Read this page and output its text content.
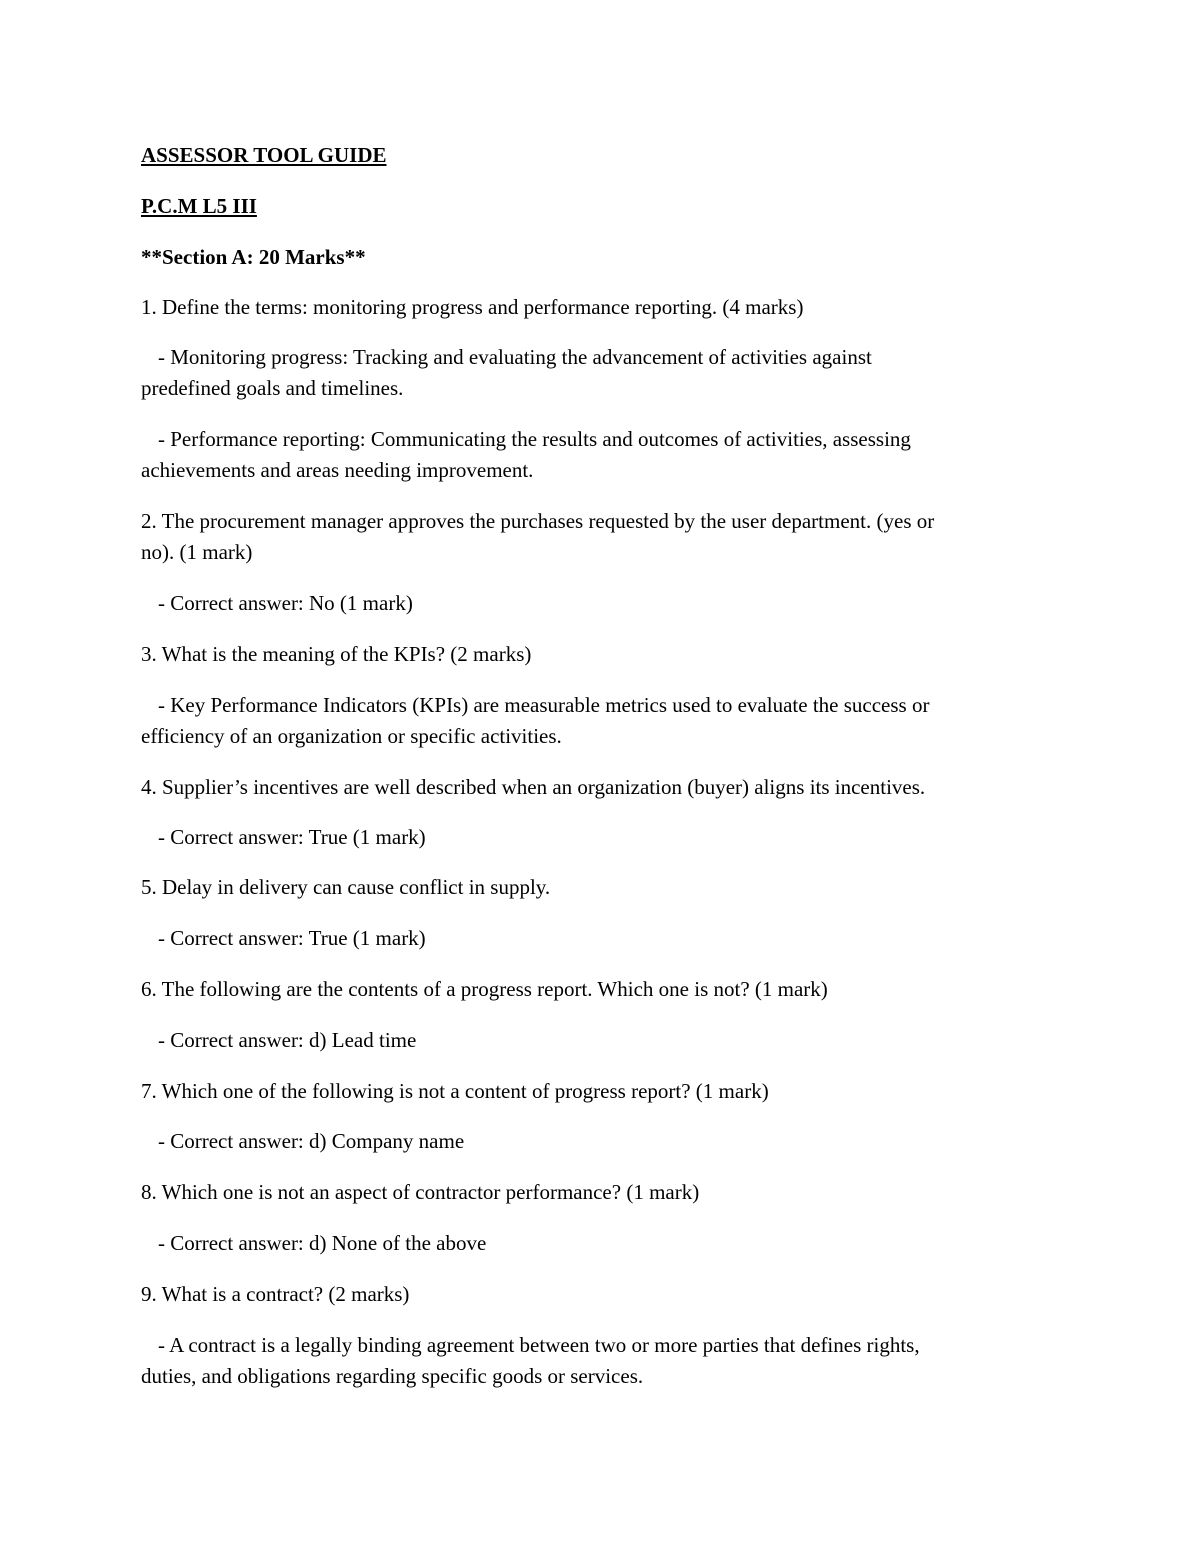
ASSESSOR TOOL GUIDE
P.C.M L5 III
**Section A: 20 Marks**
1. Define the terms: monitoring progress and performance reporting. (4 marks)
- Monitoring progress: Tracking and evaluating the advancement of activities against
predefined goals and timelines.
- Performance reporting: Communicating the results and outcomes of activities, assessing
achievements and areas needing improvement.
2. The procurement manager approves the purchases requested by the user department. (yes or
no). (1 mark)
- Correct answer: No (1 mark)
3. What is the meaning of the KPIs? (2 marks)
- Key Performance Indicators (KPIs) are measurable metrics used to evaluate the success or
efficiency of an organization or specific activities.
4. Supplier’s incentives are well described when an organization (buyer) aligns its incentives.
- Correct answer: True (1 mark)
5. Delay in delivery can cause conflict in supply.
- Correct answer: True (1 mark)
6. The following are the contents of a progress report. Which one is not? (1 mark)
- Correct answer: d) Lead time
7. Which one of the following is not a content of progress report? (1 mark)
- Correct answer: d) Company name
8. Which one is not an aspect of contractor performance? (1 mark)
- Correct answer: d) None of the above
9. What is a contract? (2 marks)
- A contract is a legally binding agreement between two or more parties that defines rights,
duties, and obligations regarding specific goods or services.
